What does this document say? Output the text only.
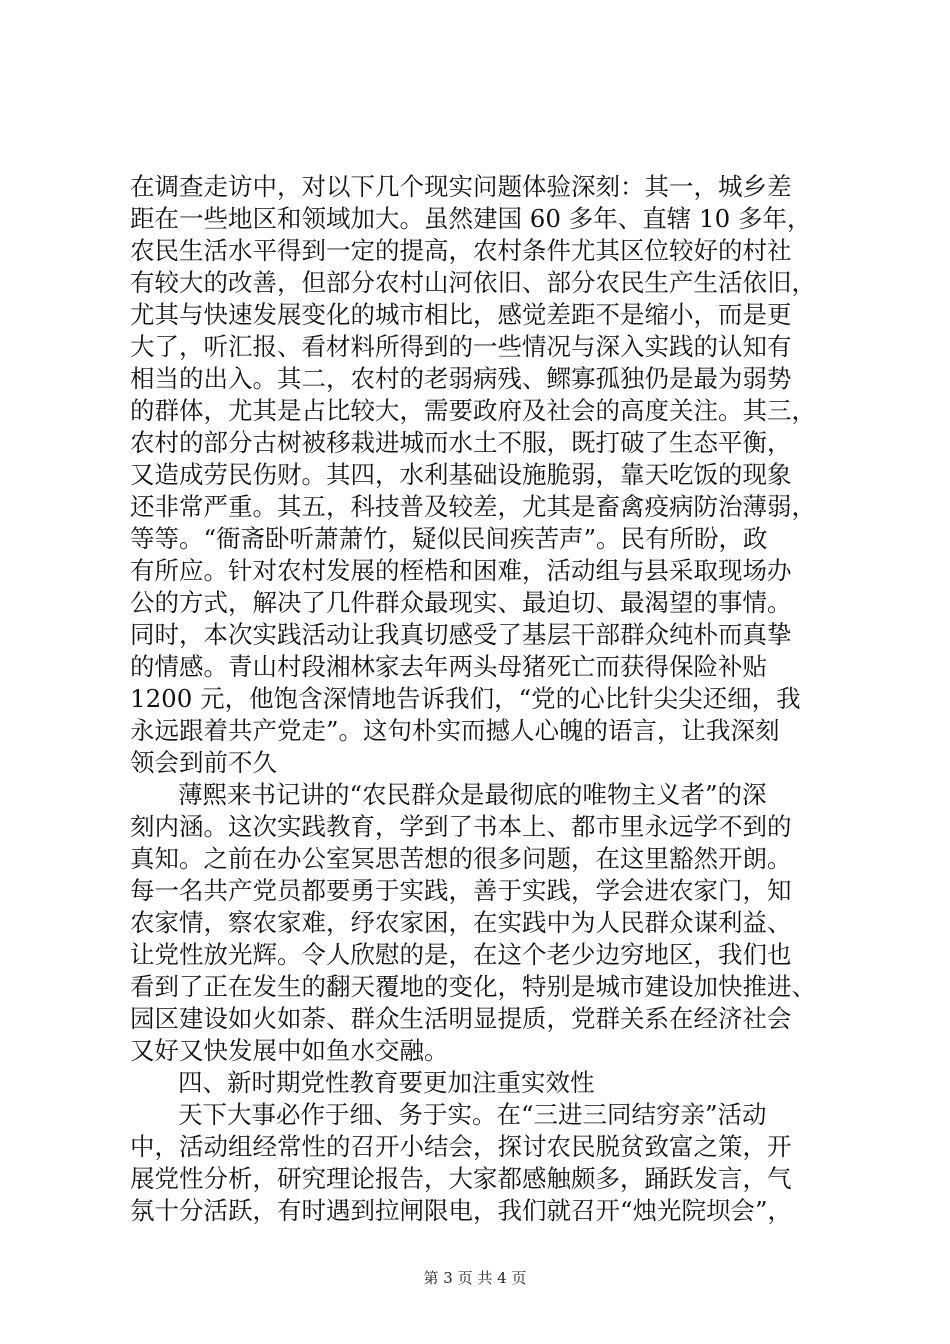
在调查走访中，对以下几个现实问题体验深刻：其一，城乡差
距在一些地区和领域加大。虽然建国 60 多年、直辖 10 多年，
农民生活水平得到一定的提高，农村条件尤其区位较好的村社
有较大的改善，但部分农村山河依旧、部分农民生产生活依旧，
尤其与快速发展变化的城市相比，感觉差距不是缩小，而是更
大了，听汇报、看材料所得到的一些情况与深入实践的认知有
相当的出入。其二，农村的老弱病残、鳏寡孤独仍是最为弱势
的群体，尤其是占比较大，需要政府及社会的高度关注。其三，
农村的部分古树被移栽进城而水土不服，既打破了生态平衡，
又造成劳民伤财。其四，水利基础设施脆弱，靠天吃饭的现象
还非常严重。其五，科技普及较差，尤其是畜禽疫病防治薄弱，
等等。“衙斋卧听萧萧竹，疑似民间疾苦声”。民有所盼，政
有所应。针对农村发展的桎梏和困难，活动组与县采取现场办
公的方式，解决了几件群众最现实、最迫切、最渴望的事情。
同时，本次实践活动让我真切感受了基层干部群众纯朴而真挚
的情感。青山村段湘林家去年两头母猪死亡而获得保险补贴
1200 元，他饱含深情地告诉我们，“党的心比针尖尖还细，我
永远跟着共产党走”。这句朴实而撼人心魄的语言，让我深刻
领会到前不久
薄熙来书记讲的“农民群众是最彻底的唯物主义者”的深
刻内涵。这次实践教育，学到了书本上、都市里永远学不到的
真知。之前在办公室冥思苦想的很多问题，在这里豁然开朗。
每一名共产党员都要勇于实践，善于实践，学会进农家门，知
农家情，察农家难，纾农家困，在实践中为人民群众谋利益、
让党性放光辉。令人欣慰的是，在这个老少边穷地区，我们也
看到了正在发生的翻天覆地的变化，特别是城市建设加快推进、
园区建设如火如荼、群众生活明显提质，党群关系在经济社会
又好又快发展中如鱼水交融。
四、新时期党性教育要更加注重实效性
天下大事必作于细、务于实。在“三进三同结穷亲”活动
中，活动组经常性的召开小结会，探讨农民脱贫致富之策，开
展党性分析，研究理论报告，大家都感触颇多，踊跃发言，气
氛十分活跃，有时遇到拉闸限电，我们就召开“烛光院坝会”，
第 3 页 共 4 页
